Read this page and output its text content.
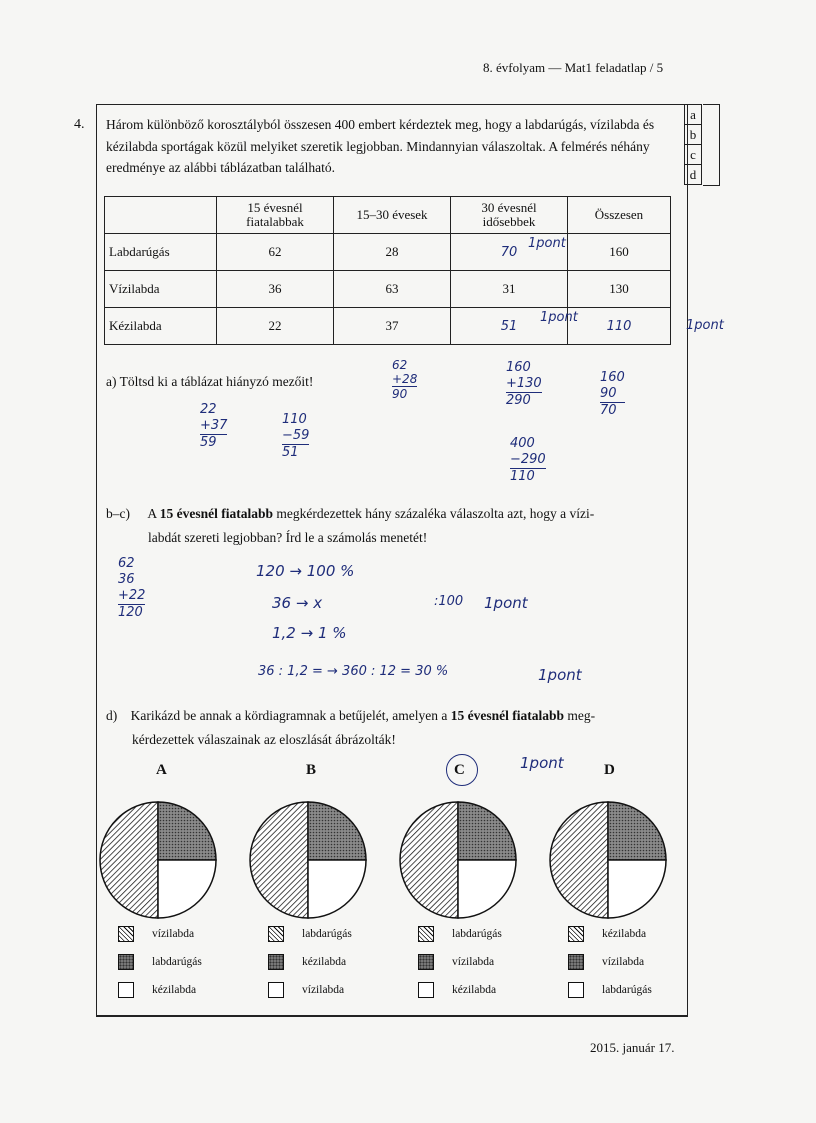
8. évfolyam — Mat1 feladatlap / 5
4.
a
b
c
d
Három különböző korosztályból összesen 400 embert kérdeztek meg, hogy a labdarúgás, vízilabda és kézilabda sportágak közül melyiket szeretik legjobban. Mindannyian válaszoltak. A felmérés néhány eredménye az alábbi táblázatban található.
	15 évesnél fiatalabbak	15–30 évesek	30 évesnél idősebbek	Összesen
Labdarúgás	62	28	70	160
Vízilabda	36	63	31	130
Kézilabda	22	37	51	110
1pont
1pont
1pont
a) Töltsd ki a táblázat hiányzó mezőit!
62
+28
90
22
+37
59
110
−59
51
160
+130
290
400
−290
110
160
90
70
b–c) A 15 évesnél fiatalabb megkérdezettek hány százaléka válaszolta azt, hogy a vízi-
labdát szereti legjobban? Írd le a számolás menetét!
62
36
+22
120
120 → 100 %
36 → x
1,2 → 1 %
:100 1pont
36 : 1,2 = → 360 : 12 = 30 %	1pont
d) Karikázd be annak a kördiagramnak a betűjelét, amelyen a 15 évesnél fiatalabb meg-
kérdezettek válaszainak az eloszlását ábrázolták!
1pont
A	B	C	D
vízilabda
labdarúgás
kézilabda
labdarúgás
kézilabda
vízilabda
labdarúgás
vízilabda
kézilabda
kézilabda
vízilabda
labdarúgás
2015. január 17.
